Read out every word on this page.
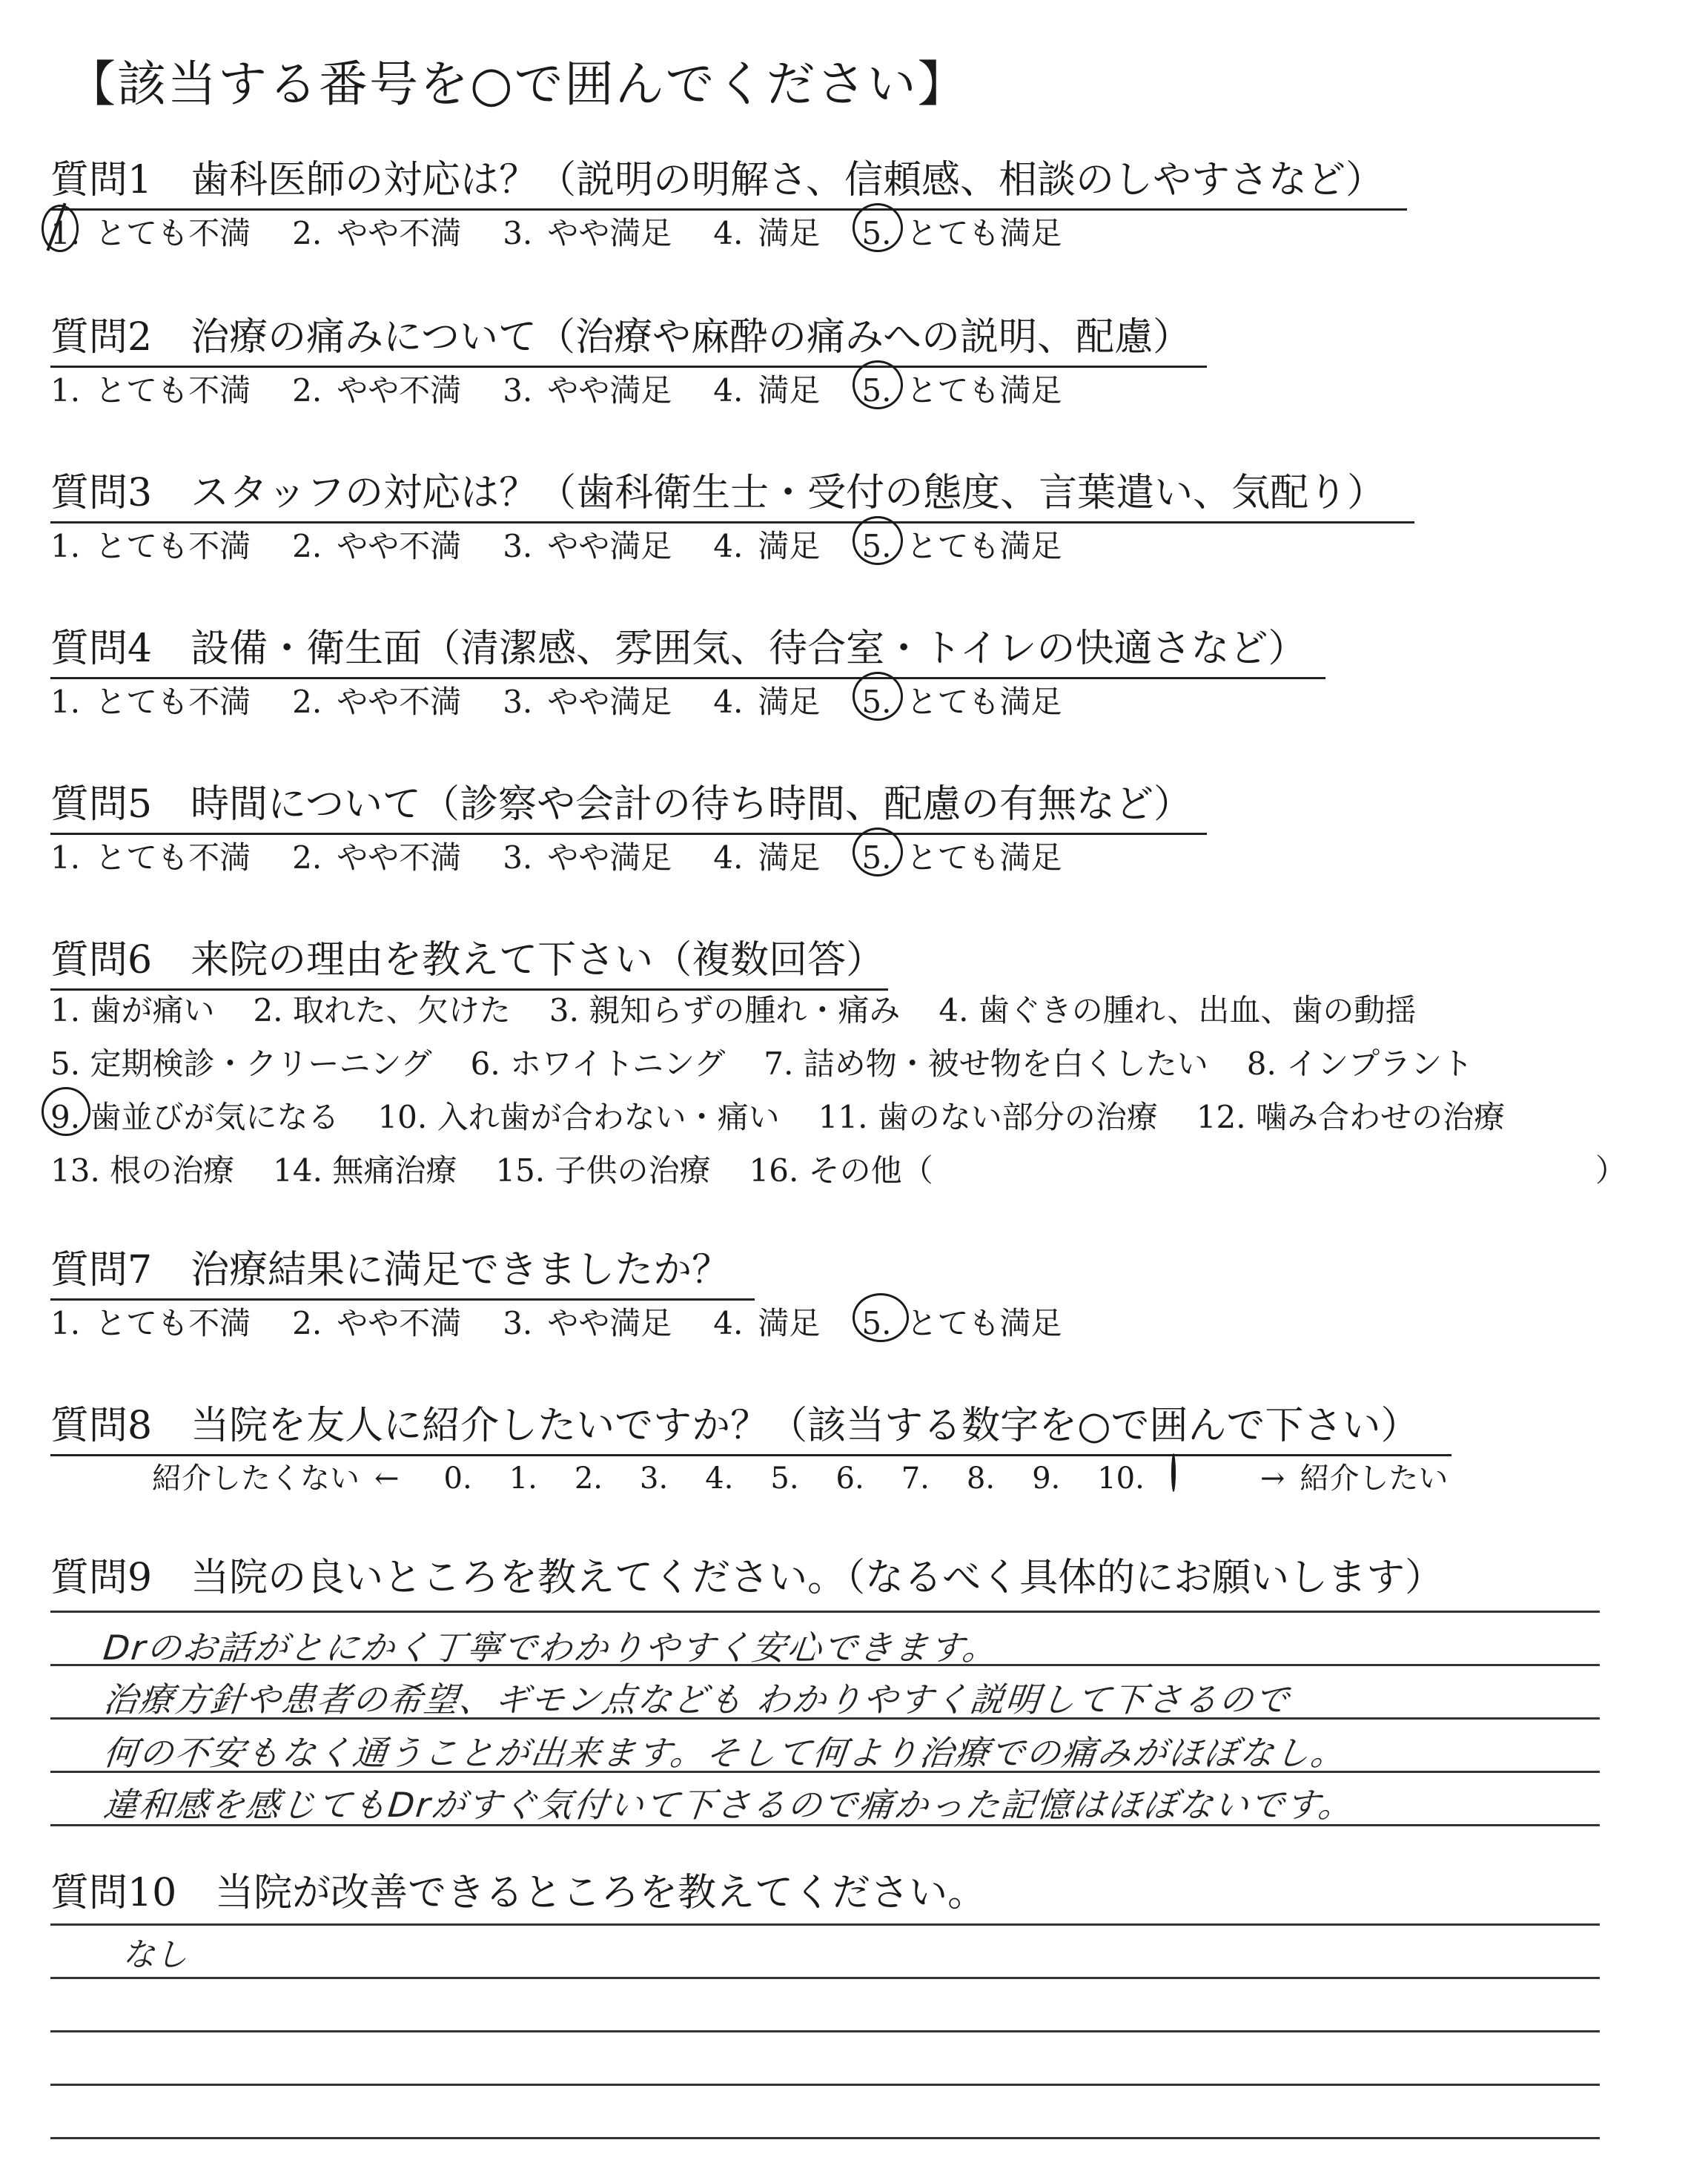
【該当する番号を○で囲んでください】
質問1　歯科医師の対応は？（説明の明解さ、信頼感、相談のしやすさなど）
1. とても不満 2. やや不満 3. やや満足 4. 満足 5. とても満足
質問2　治療の痛みについて（治療や麻酔の痛みへの説明、配慮）
1. とても不満 2. やや不満 3. やや満足 4. 満足 5. とても満足
質問3　スタッフの対応は？（歯科衛生士・受付の態度、言葉遣い、気配り）
1. とても不満 2. やや不満 3. やや満足 4. 満足 5. とても満足
質問4　設備・衛生面（清潔感、雰囲気、待合室・トイレの快適さなど）
1. とても不満 2. やや不満 3. やや満足 4. 満足 5. とても満足
質問5　時間について（診察や会計の待ち時間、配慮の有無など）
1. とても不満 2. やや不満 3. やや満足 4. 満足 5. とても満足
質問6　来院の理由を教えて下さい（複数回答）
1. 歯が痛い 2. 取れた、欠けた 3. 親知らずの腫れ・痛み 4. 歯ぐきの腫れ、出血、歯の動揺
5. 定期検診・クリーニング 6. ホワイトニング 7. 詰め物・被せ物を白くしたい 8. インプラント
9. 歯並びが気になる 10. 入れ歯が合わない・痛い 11. 歯のない部分の治療 12. 噛み合わせの治療
13. 根の治療 14. 無痛治療 15. 子供の治療 16. その他（	）
質問7　治療結果に満足できましたか？
1. とても不満 2. やや不満 3. やや満足 4. 満足 5. とても満足
質問8　当院を友人に紹介したいですか？（該当する数字を○で囲んで下さい）
紹介したくない ← 0. 1. 2. 3. 4. 5. 6. 7. 8. 9. 10.	→ 紹介したい
質問9　当院の良いところを教えてください。（なるべく具体的にお願いします）
Drのお話がとにかく丁寧でわかりやすく安心できます。
治療方針や患者の希望、ギモン点なども わかりやすく説明して下さるので
何の不安もなく通うことが出来ます。そして何より治療での痛みがほぼなし。
違和感を感じてもDrがすぐ気付いて下さるので痛かった記憶はほぼないです。
質問10　当院が改善できるところを教えてください。
なし
